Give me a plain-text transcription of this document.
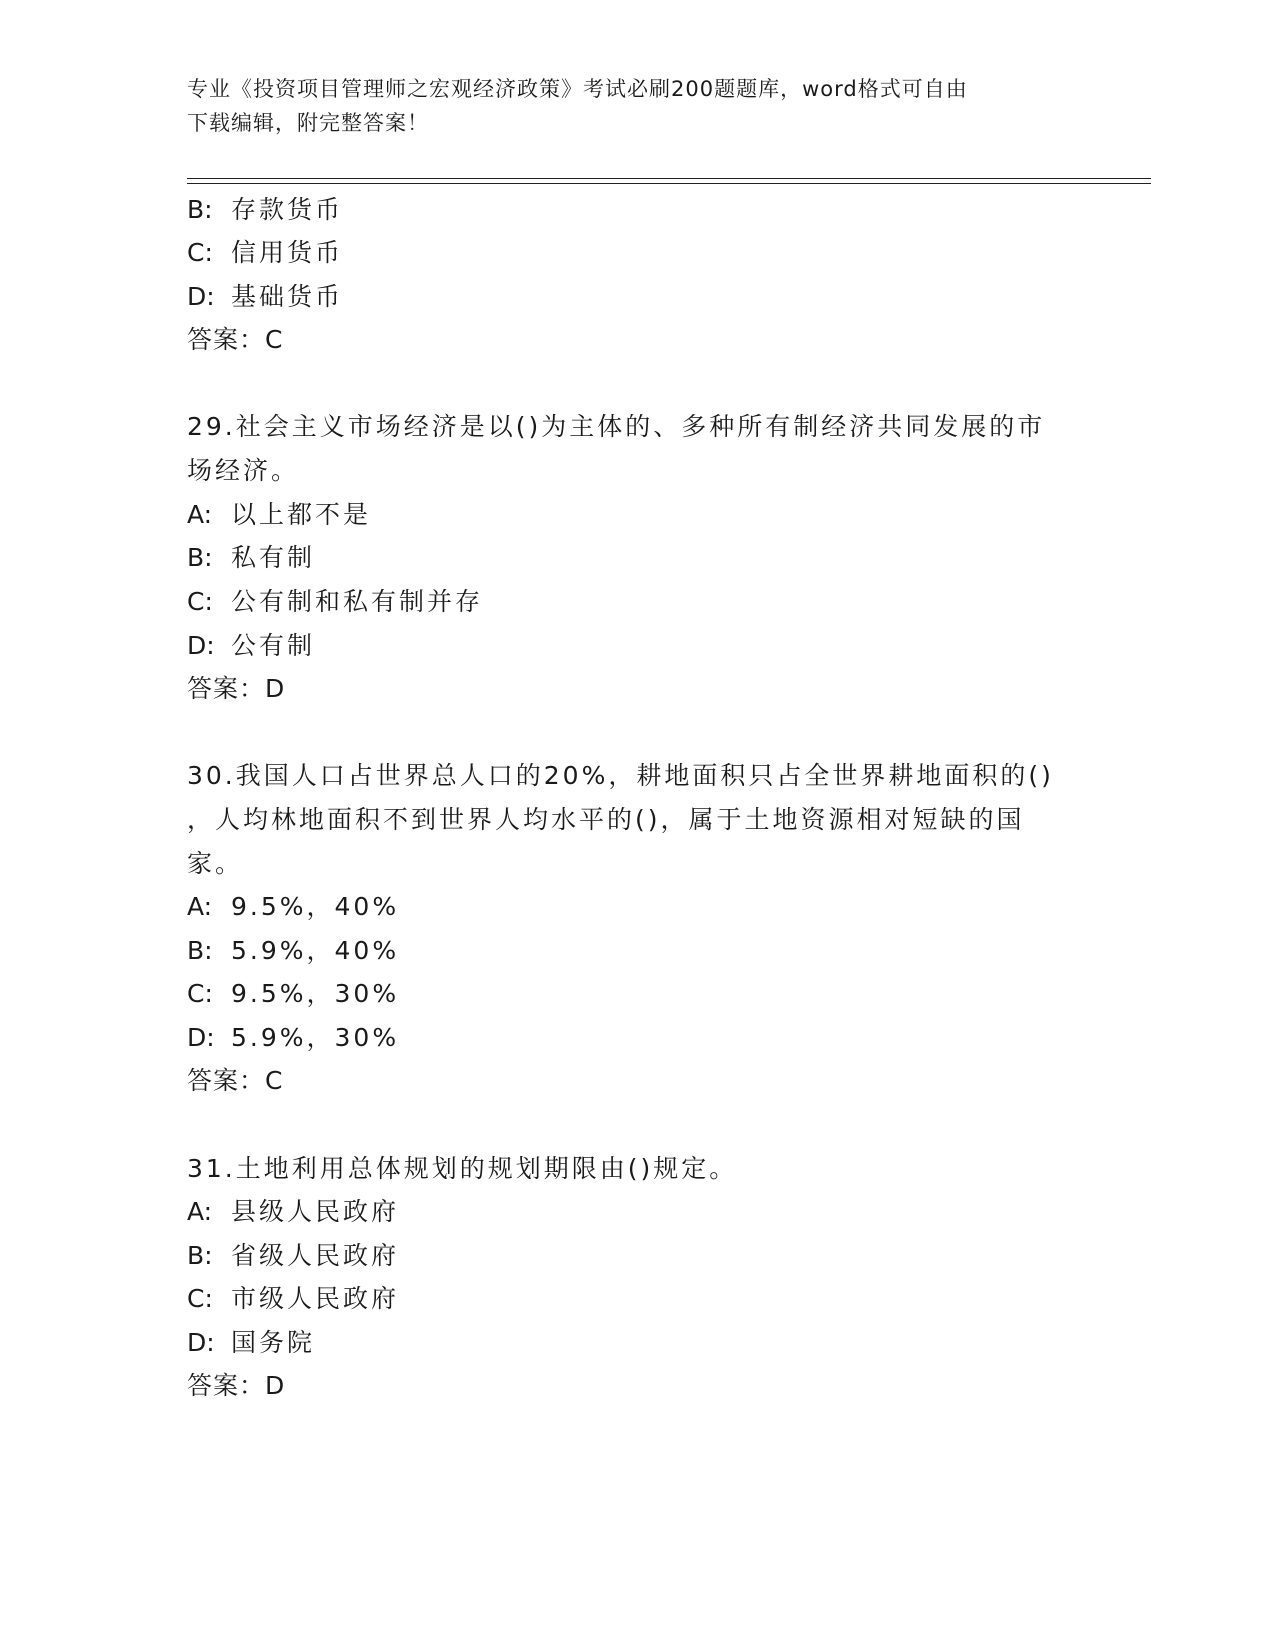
专业《投资项目管理师之宏观经济政策》考试必刷200题题库，word格式可自由
下载编辑，附完整答案！
B: 存款货币
C: 信用货币
D: 基础货币
答案：C
29.社会主义市场经济是以()为主体的、多种所有制经济共同发展的市
场经济。
A: 以上都不是
B: 私有制
C: 公有制和私有制并存
D: 公有制
答案：D
30.我国人口占世界总人口的20%，耕地面积只占全世界耕地面积的()
，人均林地面积不到世界人均水平的()，属于土地资源相对短缺的国
家。
A: 9.5%，40%
B: 5.9%，40%
C: 9.5%，30%
D: 5.9%，30%
答案：C
31.土地利用总体规划的规划期限由()规定。
A: 县级人民政府
B: 省级人民政府
C: 市级人民政府
D: 国务院
答案：D
